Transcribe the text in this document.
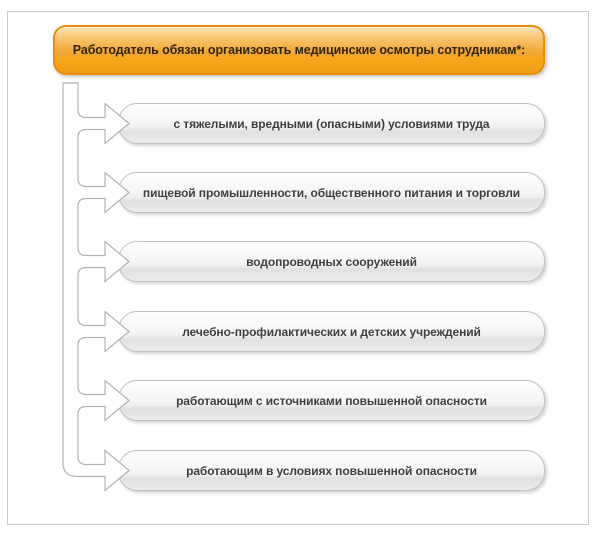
Работодатель обязан организовать медицинские осмотры сотрудникам*:
с тяжелыми, вредными (опасными) условиями труда
пищевой промышленности, общественного питания и торговли
водопроводных сооружений
лечебно-профилактических и детских учреждений
работающим с источниками повышенной опасности
работающим в условиях повышенной опасности
